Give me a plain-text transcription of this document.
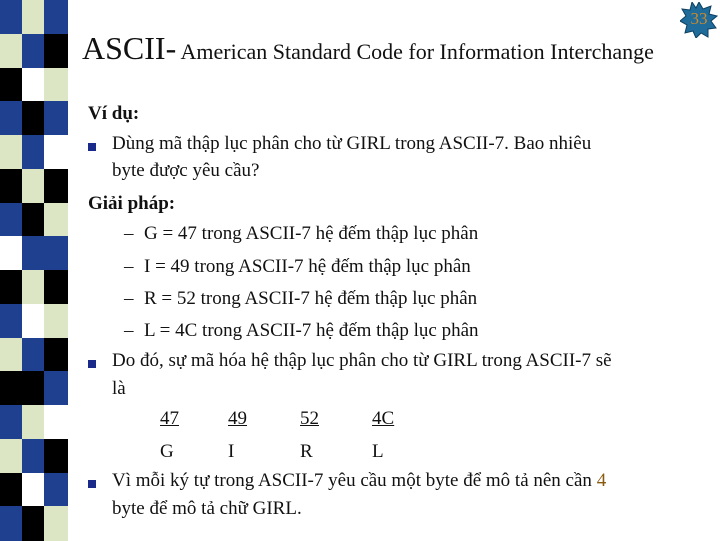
33
ASCII- American Standard Code for Information Interchange
Ví dụ:
Dùng mã thập lục phân cho từ GIRL trong ASCII-7. Bao nhiêu
byte được yêu cầu?
Giải pháp:
– G = 47 trong ASCII-7 hệ đếm thập lục phân
– I = 49 trong ASCII-7 hệ đếm thập lục phân
– R = 52 trong ASCII-7 hệ đếm thập lục phân
– L = 4C trong ASCII-7 hệ đếm thập lục phân
Do đó, sự mã hóa hệ thập lục phân cho từ GIRL trong ASCII-7 sẽ
là
47	49	52	4C
G	I	R	L
Vì mỗi ký tự trong ASCII-7 yêu cầu một byte để mô tả nên cần 4
byte để mô tả chữ GIRL.
